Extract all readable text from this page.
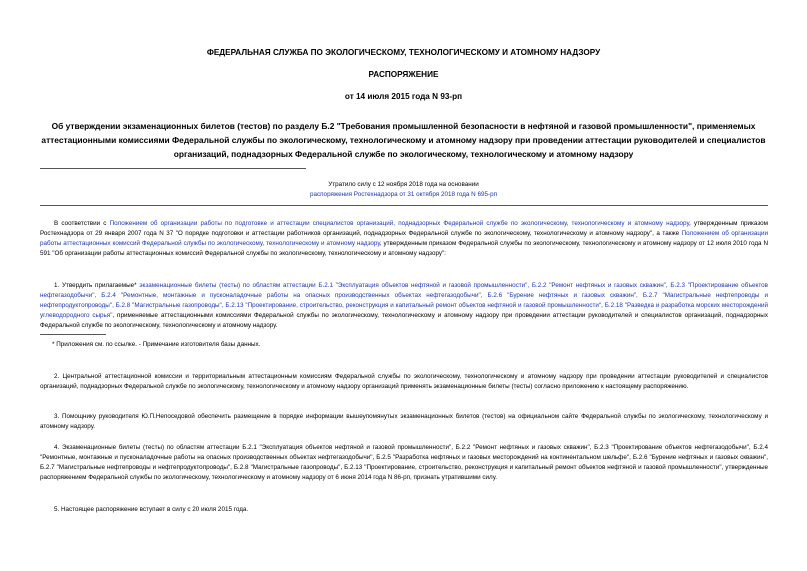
ФЕДЕРАЛЬНАЯ СЛУЖБА ПО ЭКОЛОГИЧЕСКОМУ, ТЕХНОЛОГИЧЕСКОМУ И АТОМНОМУ НАДЗОРУ
РАСПОРЯЖЕНИЕ
от 14 июля 2015 года N 93-рп
Об утверждении экзаменационных билетов (тестов) по разделу Б.2 "Требования промышленной безопасности в нефтяной и газовой промышленности", применяемых аттестационными комиссиями Федеральной службы по экологическому, технологическому и атомному надзору при проведении аттестации руководителей и специалистов организаций, поднадзорных Федеральной службе по экологическому, технологическому и атомному надзору
Утратило силу с 12 ноября 2018 года на основании
распоряжения Ростехнадзора от 31 октября 2018 года N 695-рп
В соответствии с Положением об организации работы по подготовке и аттестации специалистов организаций, поднадзорных Федеральной службе по экологическому, технологическому и атомному надзору, утвержденным приказом Ростехнадзора от 29 января 2007 года N 37 "О порядке подготовки и аттестации работников организаций, поднадзорных Федеральной службе по экологическому, технологическому и атомному надзору", а также Положением об организации работы аттестационных комиссий Федеральной службы по экологическому, технологическому и атомному надзору, утвержденным приказом Федеральной службы по экологическому, технологическому и атомному надзору от 12 июля 2010 года N 591 "Об организации работы аттестационных комиссий Федеральной службы по экологическому, технологическому и атомному надзору":
1. Утвердить прилагаемые* экзаменационные билеты (тесты) по областям аттестации Б.2.1 "Эксплуатация объектов нефтяной и газовой промышленности", Б.2.2 "Ремонт нефтяных и газовых скважин", Б.2.3 "Проектирование объектов нефтегазодобычи", Б.2.4 "Ремонтные, монтажные и пусконаладочные работы на опасных производственных объектах нефтегазодобычи", Б.2.6 "Бурение нефтяных и газовых скважин", Б.2.7 "Магистральные нефтепроводы и нефтепродуктопроводы", Б.2.8 "Магистральные газопроводы", Б.2.13 "Проектирование, строительство, реконструкция и капитальный ремонт объектов нефтяной и газовой промышленности", Б.2.18 "Разведка и разработка морских месторождений углеводородного сырья", применяемые аттестационными комиссиями Федеральной службы по экологическому, технологическому и атомному надзору при проведении аттестации руководителей и специалистов организаций, поднадзорных Федеральной службе по экологическому, технологическому и атомному надзору.
* Приложения см. по ссылке. - Примечание изготовителя базы данных.
2. Центральной аттестационной комиссии и территориальным аттестационным комиссиям Федеральной службы по экологическому, технологическому и атомному надзору при проведении аттестации руководителей и специалистов организаций, поднадзорных Федеральной службе по экологическому, технологическому и атомному надзору организаций применять экзаменационные билеты (тесты) согласно приложению к настоящему распоряжению.
3. Помощнику руководителя Ю.П.Непоседовой обеспечить размещение в порядке информации вышеупомянутых экзаменационных билетов (тестов) на официальном сайте Федеральной службы по экологическому, технологическому и атомному надзору.
4. Экзаменационные билеты (тесты) по областям аттестации Б.2.1 "Эксплуатация объектов нефтяной и газовой промышленности", Б.2.2 "Ремонт нефтяных и газовых скважин", Б.2.3 "Проектирование объектов нефтегазодобычи", Б.2.4 "Ремонтные, монтажные и пусконаладочные работы на опасных производственных объектах нефтегазодобычи", Б.2.5 "Разработка нефтяных и газовых месторождений на континентальном шельфе", Б.2.6 "Бурение нефтяных и газовых скважин", Б.2.7 "Магистральные нефтепроводы и нефтепродуктопроводы", Б.2.8 "Магистральные газопроводы", Б.2.13 "Проектирование, строительство, реконструкция и капитальный ремонт объектов нефтяной и газовой промышленности", утвержденные распоряжением Федеральной службы по экологическому, технологическому и атомному надзору от 6 июня 2014 года N 86-рп, признать утратившими силу.
5. Настоящее распоряжение вступает в силу с 20 июля 2015 года.
